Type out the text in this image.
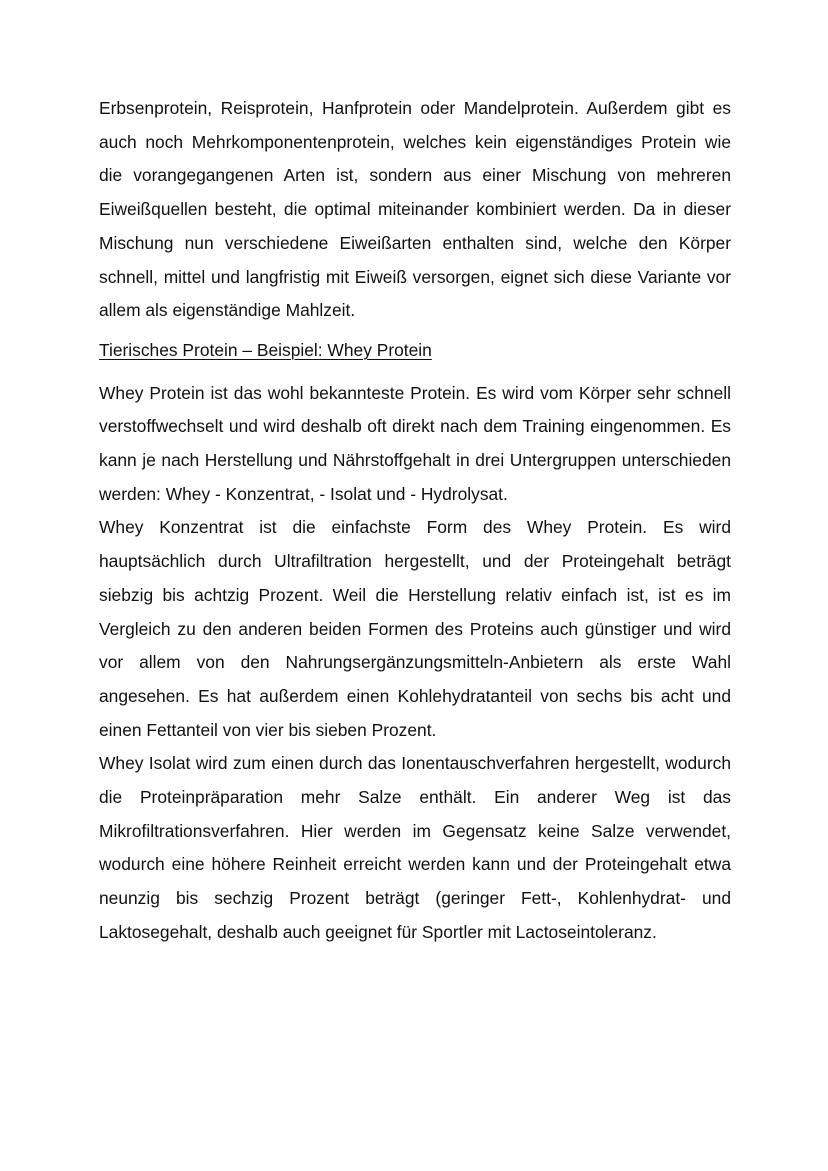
Erbsenprotein, Reisprotein, Hanfprotein oder Mandelprotein. Außerdem gibt es auch noch Mehrkomponentenprotein, welches kein eigenständiges Protein wie die vorangegangenen Arten ist, sondern aus einer Mischung von mehreren Eiweißquellen besteht, die optimal miteinander kombiniert werden. Da in dieser Mischung nun verschiedene Eiweißarten enthalten sind, welche den Körper schnell, mittel und langfristig mit Eiweiß versorgen, eignet sich diese Variante vor allem als eigenständige Mahlzeit.

Tierisches Protein – Beispiel: Whey Protein

Whey Protein ist das wohl bekannteste Protein. Es wird vom Körper sehr schnell verstoffwechselt und wird deshalb oft direkt nach dem Training eingenommen. Es kann je nach Herstellung und Nährstoffgehalt in drei Untergruppen unterschieden werden: Whey - Konzentrat, - Isolat und - Hydrolysat.

Whey Konzentrat ist die einfachste Form des Whey Protein. Es wird hauptsächlich durch Ultrafiltration hergestellt, und der Proteingehalt beträgt siebzig bis achtzig Prozent. Weil die Herstellung relativ einfach ist, ist es im Vergleich zu den anderen beiden Formen des Proteins auch günstiger und wird vor allem von den Nahrungsergänzungsmitteln-Anbietern als erste Wahl angesehen. Es hat außerdem einen Kohlehydratanteil von sechs bis acht und einen Fettanteil von vier bis sieben Prozent.

Whey Isolat wird zum einen durch das Ionentauschverfahren hergestellt, wodurch die Proteinpräparation mehr Salze enthält. Ein anderer Weg ist das Mikrofiltrationsverfahren. Hier werden im Gegensatz keine Salze verwendet, wodurch eine höhere Reinheit erreicht werden kann und der Proteingehalt etwa neunzig bis sechzig Prozent beträgt (geringer Fett-, Kohlenhydrat- und Laktosegehalt, deshalb auch geeignet für Sportler mit Lactoseintoleranz.
